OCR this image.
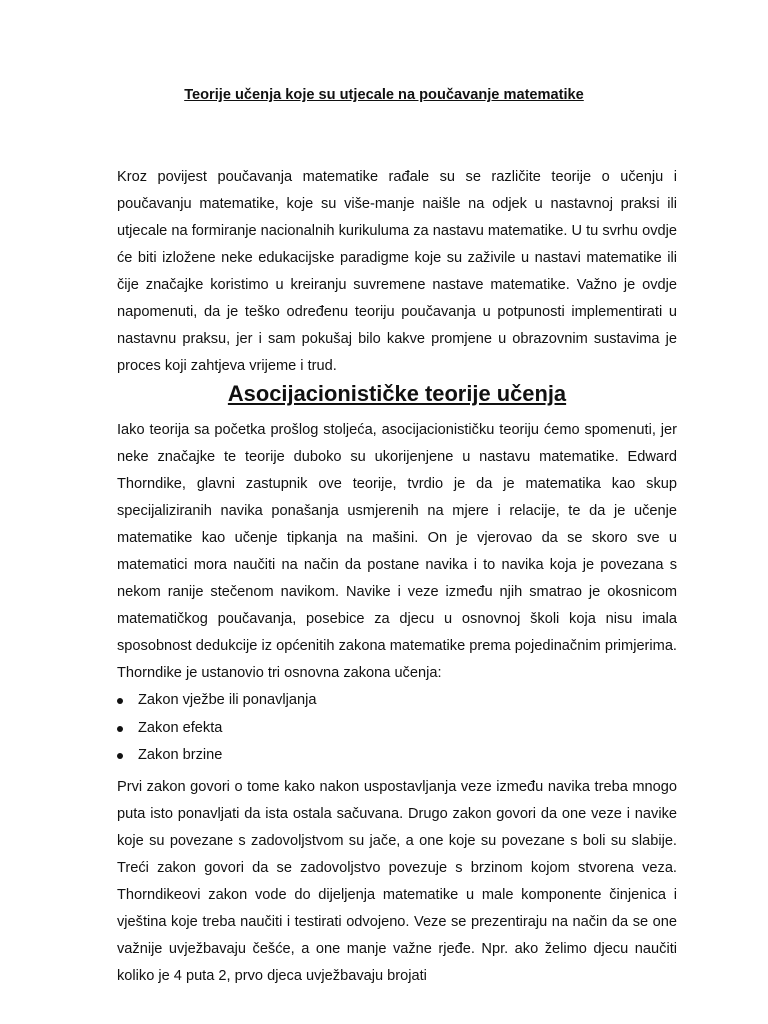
Teorije učenja koje su utjecale na poučavanje matematike

Kroz povijest poučavanja matematike rađale su se različite teorije o učenju i poučavanju matematike, koje su više-manje naišle na odjek u nastavnoj praksi ili utjecale na formiranje nacionalnih kurikuluma za nastavu matematike. U tu svrhu ovdje će biti izložene neke edukacijske paradigme koje su zaživile u nastavi matematike ili čije značajke koristimo u kreiranju suvremene nastave matematike. Važno je ovdje napomenuti, da je teško određenu teoriju poučavanja u potpunosti implementirati u nastavnu praksu, jer i sam pokušaj bilo kakve promjene u obrazovnim sustavima je proces koji zahtjeva vrijeme i trud.

Asocijacionističke teorije učenja

Iako teorija sa početka prošlog stoljeća, asocijacionističku teoriju ćemo spomenuti, jer neke značajke te teorije duboko su ukorijenjene u nastavu matematike. Edward Thorndike, glavni zastupnik ove teorije, tvrdio je da je matematika kao skup specijaliziranih navika ponašanja usmjerenih na mjere i relacije, te da je učenje matematike kao učenje tipkanja na mašini. On je vjerovao da se skoro sve u matematici mora naučiti na način da postane navika i to navika koja je povezana s nekom ranije stečenom navikom. Navike i veze između njih smatrao je okosnicom matematičkog poučavanja, posebice za djecu u osnovnoj školi koja nisu imala sposobnost dedukcije iz općenitih zakona matematike prema pojedinačnim primjerima. Thorndike je ustanovio tri osnovna zakona učenja:

Zakon vježbe ili ponavljanja
Zakon efekta
Zakon brzine

Prvi zakon govori o tome kako nakon uspostavljanja veze između navika treba mnogo puta isto ponavljati da ista ostala sačuvana. Drugo zakon govori da one veze i navike koje su povezane s zadovoljstvom su jače, a one koje su povezane s boli su slabije. Treći zakon govori da se zadovoljstvo povezuje s brzinom kojom stvorena veza. Thorndikeovi zakon vode do dijeljenja matematike u male komponente činjenica i vještina koje treba naučiti i testirati odvojeno. Veze se prezentiraju na način da se one važnije uvježbavaju češće, a one manje važne rjeđe. Npr. ako želimo djecu naučiti koliko je 4 puta 2, prvo djeca uvježbavaju brojati
